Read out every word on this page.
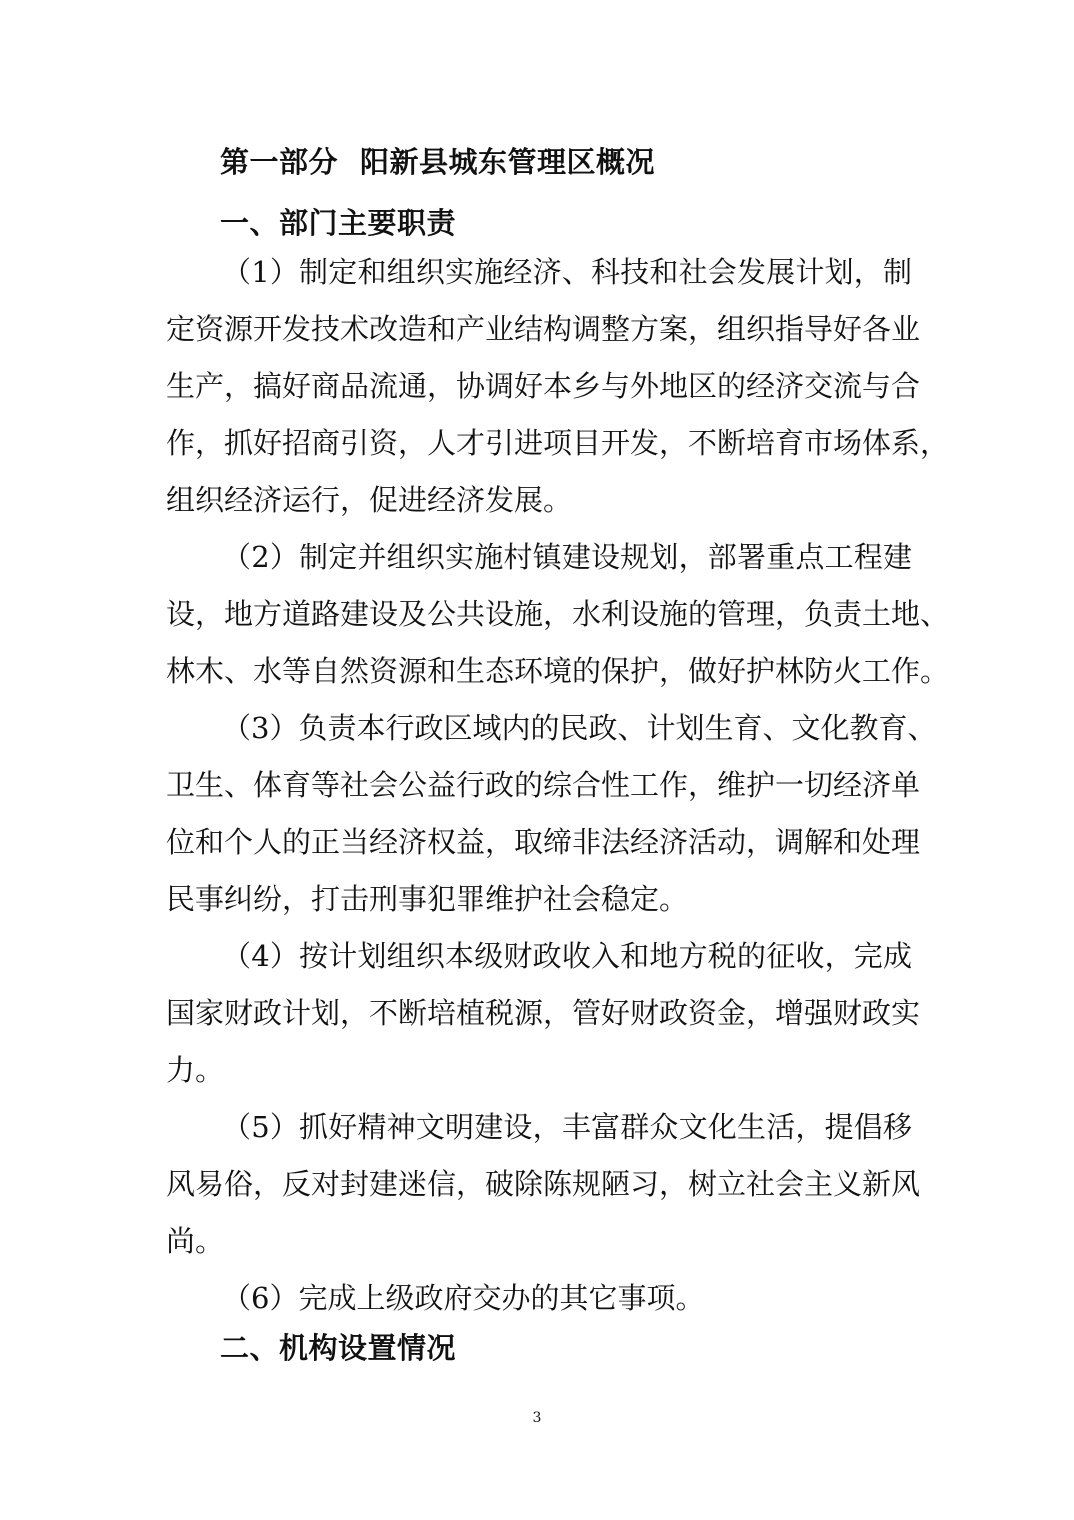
第一部分 阳新县城东管理区概况
一、部门主要职责
（1）制定和组织实施经济、科技和社会发展计划，制
定资源开发技术改造和产业结构调整方案，组织指导好各业
生产，搞好商品流通，协调好本乡与外地区的经济交流与合
作，抓好招商引资，人才引进项目开发，不断培育市场体系，
组织经济运行，促进经济发展。
（2）制定并组织实施村镇建设规划，部署重点工程建
设，地方道路建设及公共设施，水利设施的管理，负责土地、
林木、水等自然资源和生态环境的保护，做好护林防火工作。
（3）负责本行政区域内的民政、计划生育、文化教育、
卫生、体育等社会公益行政的综合性工作，维护一切经济单
位和个人的正当经济权益，取缔非法经济活动，调解和处理
民事纠纷，打击刑事犯罪维护社会稳定。
（4）按计划组织本级财政收入和地方税的征收，完成
国家财政计划，不断培植税源，管好财政资金，增强财政实
力。
（5）抓好精神文明建设，丰富群众文化生活，提倡移
风易俗，反对封建迷信，破除陈规陋习，树立社会主义新风
尚。
（6）完成上级政府交办的其它事项。
二、机构设置情况
3
